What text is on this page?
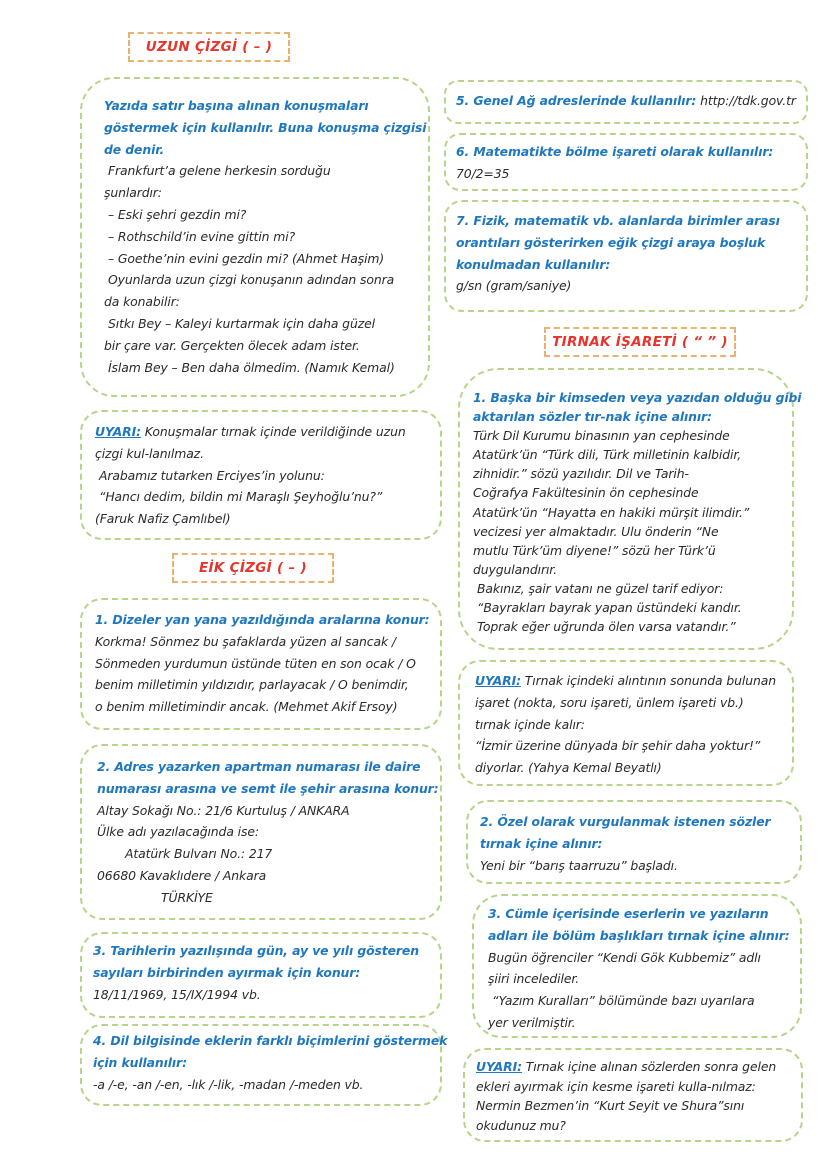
UZUN ÇİZGİ ( – )
EİK ÇİZGİ ( – )
TIRNAK İŞARETİ ( “ ” )
Yazıda satır başına alınan konuşmaları
göstermek için kullanılır. Buna konuşma çizgisi
de denir.
Frankfurt’a gelene herkesin sorduğu
şunlardır:
– Eski şehri gezdin mi?
– Rothschild’in evine gittin mi?
– Goethe’nin evini gezdin mi? (Ahmet Haşim)
Oyunlarda uzun çizgi konuşanın adından sonra
da konabilir:
Sıtkı Bey – Kaleyi kurtarmak için daha güzel
bir çare var. Gerçekten ölecek adam ister.
İslam Bey – Ben daha ölmedim. (Namık Kemal)
UYARI: Konuşmalar tırnak içinde verildiğinde uzun
çizgi kul-lanılmaz.
Arabamız tutarken Erciyes’in yolunu:
“Hancı dedim, bildin mi Maraşlı Şeyhoğlu’nu?”
(Faruk Nafiz Çamlıbel)
1. Dizeler yan yana yazıldığında aralarına konur:
Korkma! Sönmez bu şafaklarda yüzen al sancak /
Sönmeden yurdumun üstünde tüten en son ocak / O
benim milletimin yıldızıdır, parlayacak / O benimdir,
o benim milletimindir ancak. (Mehmet Akif Ersoy)
2. Adres yazarken apartman numarası ile daire
numarası arasına ve semt ile şehir arasına konur:
Altay Sokağı No.: 21/6 Kurtuluş / ANKARA
Ülke adı yazılacağında ise:
Atatürk Bulvarı No.: 217
06680 Kavaklıdere / Ankara
TÜRKİYE
3. Tarihlerin yazılışında gün, ay ve yılı gösteren
sayıları birbirinden ayırmak için konur:
18/11/1969, 15/IX/1994 vb.
4. Dil bilgisinde eklerin farklı biçimlerini göstermek
için kullanılır:
-a /-e, -an /-en, -lık /-lik, -madan /-meden vb.
5. Genel Ağ adreslerinde kullanılır: http://tdk.gov.tr
6. Matematikte bölme işareti olarak kullanılır:
70/2=35
7. Fizik, matematik vb. alanlarda birimler arası
orantıları gösterirken eğik çizgi araya boşluk
konulmadan kullanılır:
g/sn (gram/saniye)
1. Başka bir kimseden veya yazıdan olduğu gibi
aktarılan sözler tır-nak içine alınır:
Türk Dil Kurumu binasının yan cephesinde
Atatürk’ün “Türk dili, Türk milletinin kalbidir,
zihnidir.” sözü yazılıdır. Dil ve Tarih-
Coğrafya Fakültesinin ön cephesinde
Atatürk’ün “Hayatta en hakiki mürşit ilimdir.”
vecizesi yer almaktadır. Ulu önderin “Ne
mutlu Türk’üm diyene!” sözü her Türk’ü
duygulandırır.
Bakınız, şair vatanı ne güzel tarif ediyor:
“Bayrakları bayrak yapan üstündeki kandır.
Toprak eğer uğrunda ölen varsa vatandır.”
UYARI: Tırnak içindeki alıntının sonunda bulunan
işaret (nokta, soru işareti, ünlem işareti vb.)
tırnak içinde kalır:
“İzmir üzerine dünyada bir şehir daha yoktur!”
diyorlar. (Yahya Kemal Beyatlı)
2. Özel olarak vurgulanmak istenen sözler
tırnak içine alınır:
Yeni bir “barış taarruzu” başladı.
3. Cümle içerisinde eserlerin ve yazıların
adları ile bölüm başlıkları tırnak içine alınır:
Bugün öğrenciler “Kendi Gök Kubbemiz” adlı
şiiri incelediler.
“Yazım Kuralları” bölümünde bazı uyarılara
yer verilmiştir.
UYARI: Tırnak içine alınan sözlerden sonra gelen
ekleri ayırmak için kesme işareti kulla-nılmaz:
Nermin Bezmen’in “Kurt Seyit ve Shura”sını
okudunuz mu?
